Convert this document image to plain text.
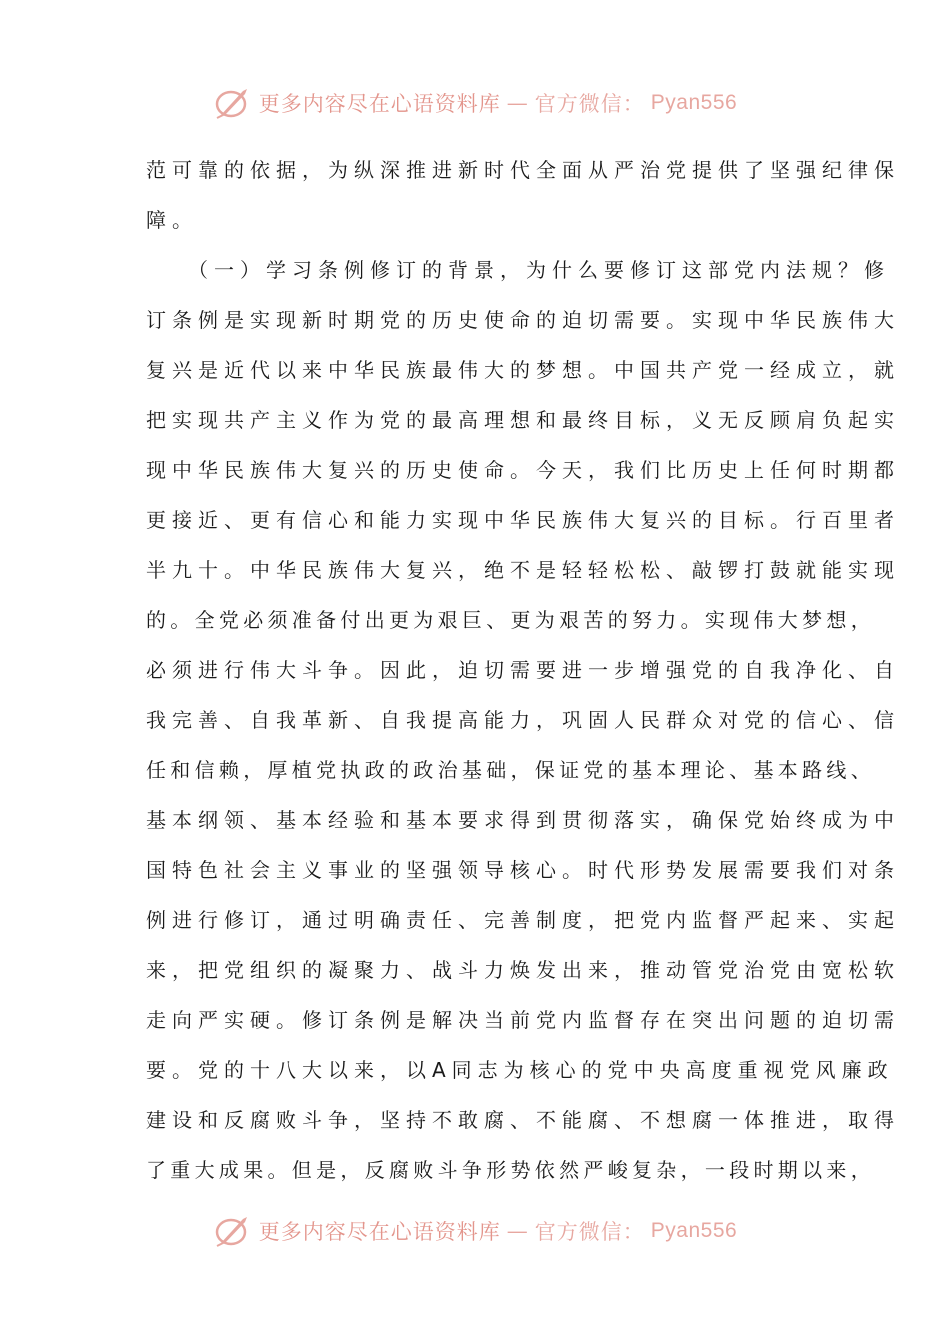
更多内容尽在心语资料库 — 官方微信： Pyan556
范可靠的依据，为纵深推进新时代全面从严治党提供了坚强纪律保
障。
（一）学习条例修订的背景，为什么要修订这部党内法规？修
订条例是实现新时期党的历史使命的迫切需要。实现中华民族伟大
复兴是近代以来中华民族最伟大的梦想。中国共产党一经成立，就
把实现共产主义作为党的最高理想和最终目标，义无反顾肩负起实
现中华民族伟大复兴的历史使命。今天，我们比历史上任何时期都
更接近、更有信心和能力实现中华民族伟大复兴的目标。行百里者
半九十。中华民族伟大复兴，绝不是轻轻松松、敲锣打鼓就能实现
的。全党必须准备付出更为艰巨、更为艰苦的努力。实现伟大梦想，
必须进行伟大斗争。因此，迫切需要进一步增强党的自我净化、自
我完善、自我革新、自我提高能力，巩固人民群众对党的信心、信
任和信赖，厚植党执政的政治基础，保证党的基本理论、基本路线、
基本纲领、基本经验和基本要求得到贯彻落实，确保党始终成为中
国特色社会主义事业的坚强领导核心。时代形势发展需要我们对条
例进行修订，通过明确责任、完善制度，把党内监督严起来、实起
来，把党组织的凝聚力、战斗力焕发出来，推动管党治党由宽松软
走向严实硬。修订条例是解决当前党内监督存在突出问题的迫切需
要。党的十八大以来，以A同志为核心的党中央高度重视党风廉政
建设和反腐败斗争，坚持不敢腐、不能腐、不想腐一体推进，取得
了重大成果。但是，反腐败斗争形势依然严峻复杂，一段时期以来，
更多内容尽在心语资料库 — 官方微信： Pyan556
